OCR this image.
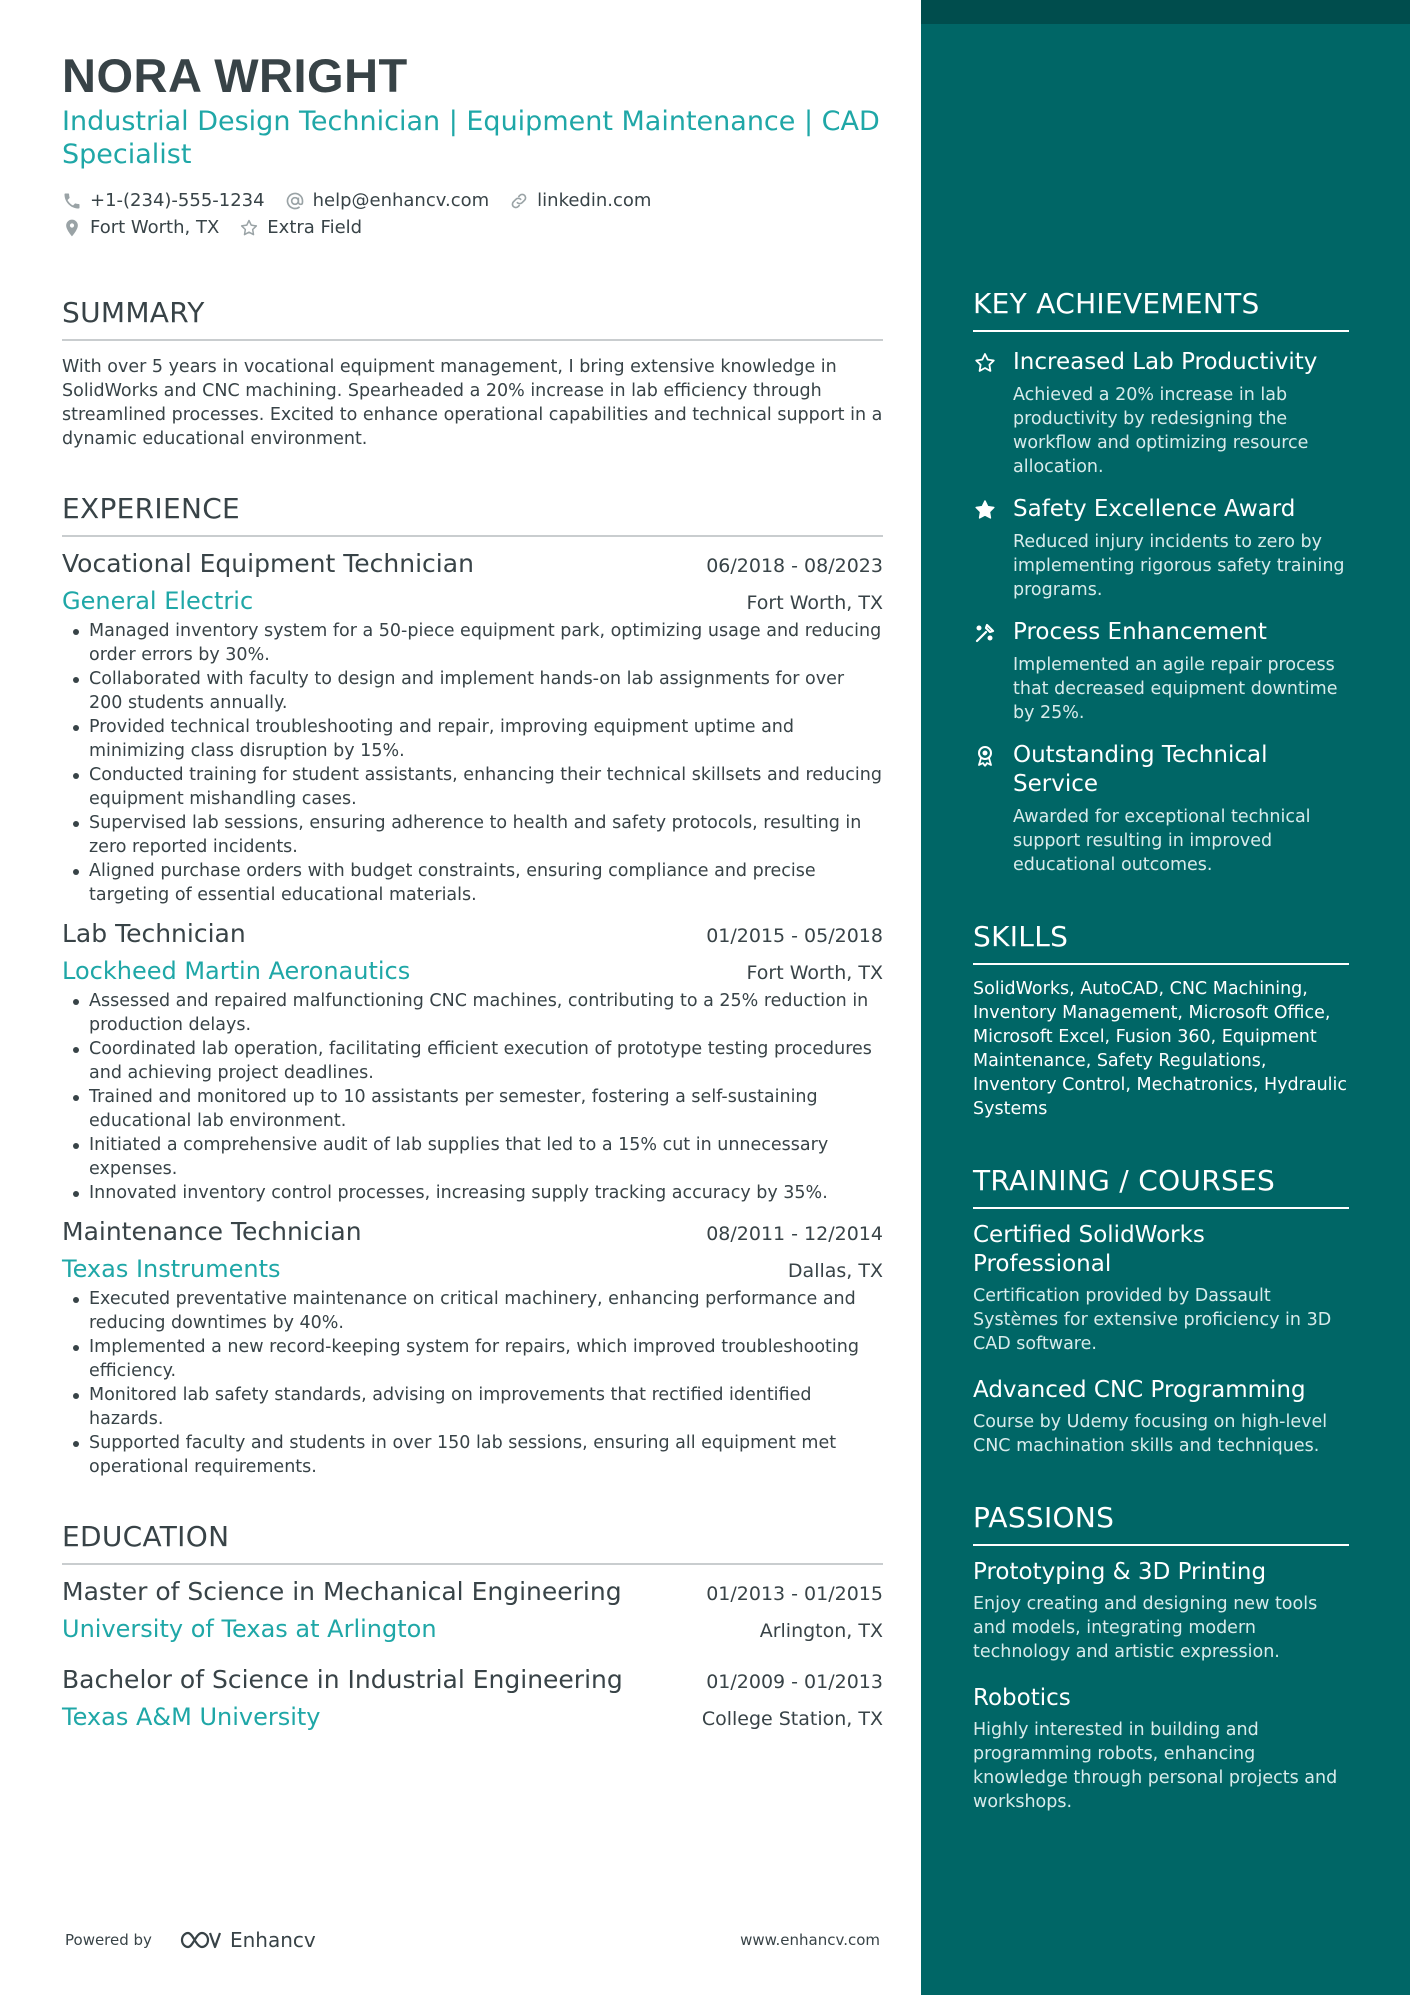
NORA WRIGHT
Industrial Design Technician | Equipment Maintenance | CAD Specialist
+1-(234)-555-1234	help@enhancv.com	linkedin.com
Fort Worth, TX	Extra Field
SUMMARY
With over 5 years in vocational equipment management, I bring extensive knowledge in SolidWorks and CNC machining. Spearheaded a 20% increase in lab efficiency through streamlined processes. Excited to enhance operational capabilities and technical support in a dynamic educational environment.
EXPERIENCE
Vocational Equipment Technician	06/2018 - 08/2023
General Electric	Fort Worth, TX
Managed inventory system for a 50-piece equipment park, optimizing usage and reducing order errors by 30%.
Collaborated with faculty to design and implement hands-on lab assignments for over 200 students annually.
Provided technical troubleshooting and repair, improving equipment uptime and minimizing class disruption by 15%.
Conducted training for student assistants, enhancing their technical skillsets and reducing equipment mishandling cases.
Supervised lab sessions, ensuring adherence to health and safety protocols, resulting in zero reported incidents.
Aligned purchase orders with budget constraints, ensuring compliance and precise targeting of essential educational materials.
Lab Technician	01/2015 - 05/2018
Lockheed Martin Aeronautics	Fort Worth, TX
Assessed and repaired malfunctioning CNC machines, contributing to a 25% reduction in production delays.
Coordinated lab operation, facilitating efficient execution of prototype testing procedures and achieving project deadlines.
Trained and monitored up to 10 assistants per semester, fostering a self-sustaining educational lab environment.
Initiated a comprehensive audit of lab supplies that led to a 15% cut in unnecessary expenses.
Innovated inventory control processes, increasing supply tracking accuracy by 35%.
Maintenance Technician	08/2011 - 12/2014
Texas Instruments	Dallas, TX
Executed preventative maintenance on critical machinery, enhancing performance and reducing downtimes by 40%.
Implemented a new record-keeping system for repairs, which improved troubleshooting efficiency.
Monitored lab safety standards, advising on improvements that rectified identified hazards.
Supported faculty and students in over 150 lab sessions, ensuring all equipment met operational requirements.
EDUCATION
Master of Science in Mechanical Engineering	01/2013 - 01/2015
University of Texas at Arlington	Arlington, TX
Bachelor of Science in Industrial Engineering	01/2009 - 01/2013
Texas A&M University	College Station, TX
Powered by	Enhancv	www.enhancv.com
KEY ACHIEVEMENTS
Increased Lab Productivity
Achieved a 20% increase in lab productivity by redesigning the workflow and optimizing resource allocation.
Safety Excellence Award
Reduced injury incidents to zero by implementing rigorous safety training programs.
Process Enhancement
Implemented an agile repair process that decreased equipment downtime by 25%.
Outstanding Technical Service
Awarded for exceptional technical support resulting in improved educational outcomes.
SKILLS
SolidWorks, AutoCAD, CNC Machining, Inventory Management, Microsoft Office, Microsoft Excel, Fusion 360, Equipment Maintenance, Safety Regulations, Inventory Control, Mechatronics, Hydraulic Systems
TRAINING / COURSES
Certified SolidWorks Professional
Certification provided by Dassault Systèmes for extensive proficiency in 3D CAD software.
Advanced CNC Programming
Course by Udemy focusing on high-level CNC machination skills and techniques.
PASSIONS
Prototyping & 3D Printing
Enjoy creating and designing new tools and models, integrating modern technology and artistic expression.
Robotics
Highly interested in building and programming robots, enhancing knowledge through personal projects and workshops.
